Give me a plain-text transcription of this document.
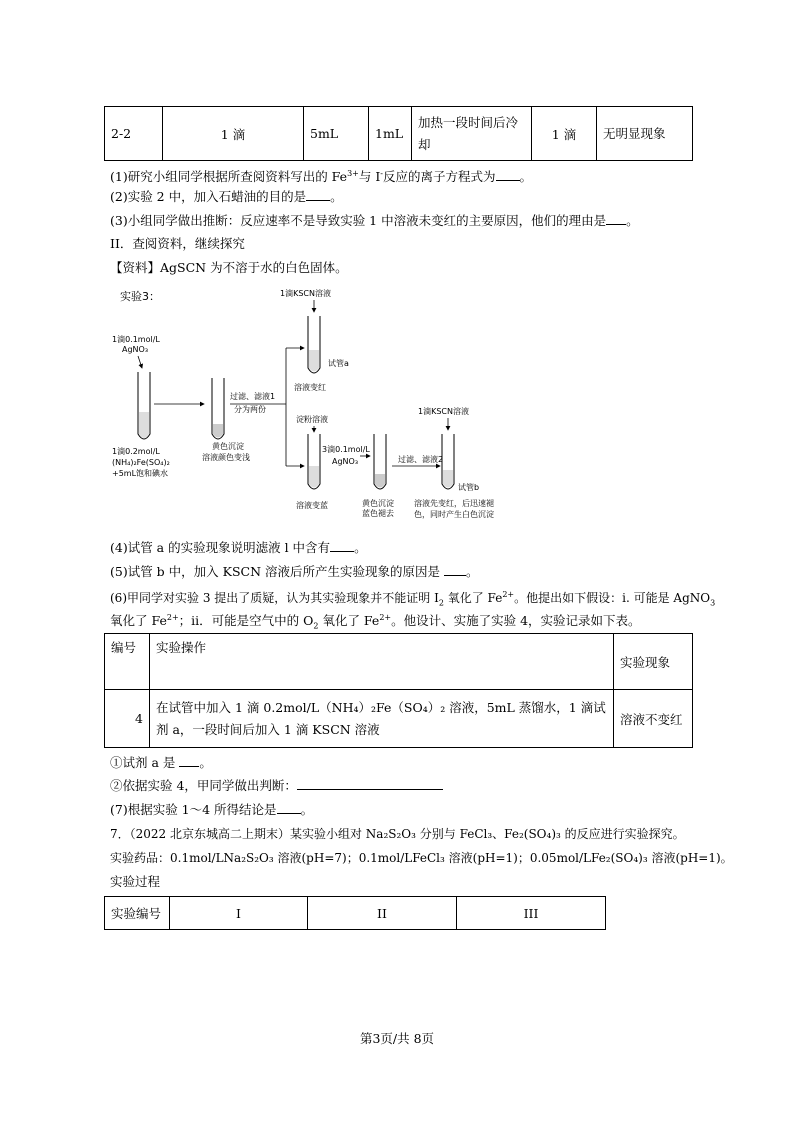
2-2	1 滴	5mL	1mL	加热一段时间后冷却	1 滴	无明显现象
(1)研究小组同学根据所查阅资料写出的 $Fe^{3+}$与 I-反应的离子方程式为 。
(2)实验 2 中，加入石蜡油的目的是 。
(3)小组同学做出推断：反应速率不是导致实验 1 中溶液未变红的主要原因，他们的理由是 。
II．查阅资料，继续探究
【资料】AgSCN 为不溶于水的白色固体。
实验3：
1滴0.1mol/L
AgNO₃
1滴0.2mol/L
(NH₄)₂Fe(SO₄)₂
+5mL饱和碘水
黄色沉淀
溶液颜色变浅
过滤、滤液1
分为两份
1滴KSCN溶液
试管a
溶液变红
淀粉溶液
溶液变蓝
3滴0.1mol/L
AgNO₃
黄色沉淀
蓝色褪去
过滤、滤液2
1滴KSCN溶液
试管b
溶液先变红，后迅速褪
色，同时产生白色沉淀
(4)试管 a 的实验现象说明滤液 l 中含有 。
(5)试管 b 中，加入 KSCN 溶液后所产生实验现象的原因是 。
(6)甲同学对实验 3 提出了质疑，认为其实验现象并不能证明 $I_2$ 氧化了 $Fe^{2+}$。他提出如下假设：i. 可能是 AgNO$_3$
氧化了 $Fe^{2+}$；ii．可能是空气中的 $O_2$ 氧化了 $Fe^{2+}$。他设计、实施了实验 4，实验记录如下表。
编号	实验操作	实验现象
4	在试管中加入 1 滴 0.2mol/L（NH₄）₂Fe（SO₄）₂ 溶液，5mL 蒸馏水，1 滴试剂 a，一段时间后加入 1 滴 KSCN 溶液	溶液不变红
①试剂 a 是 。
②依据实验 4，甲同学做出判断：
(7)根据实验 1～4 所得结论是 。
7．（2022 北京东城高二上期末）某实验小组对 Na₂S₂O₃ 分别与 FeCl₃、Fe₂(SO₄)₃ 的反应进行实验探究。
实验药品：0.1mol/LNa₂S₂O₃ 溶液(pH=7)；0.1mol/LFeCl₃ 溶液(pH=1)；0.05mol/LFe₂(SO₄)₃ 溶液(pH=1)。
实验过程
实验编号	I	II	III
第3页/共 8页
